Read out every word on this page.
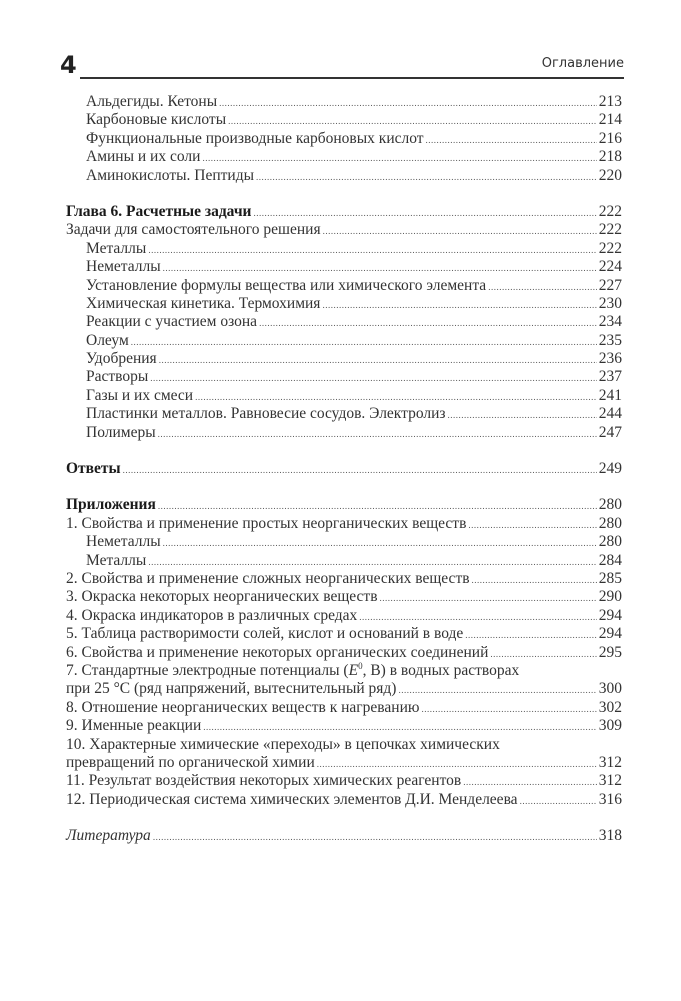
4	Оглавление
Альдегиды. Кетоны .....	213
Карбоновые кислоты .....	214
Функциональные производные карбоновых кислот .....	216
Амины и их соли .....	218
Аминокислоты. Пептиды .....	220
Глава 6. Расчетные задачи .....	222
Задачи для самостоятельного решения .....	222
Металлы .....	222
Неметаллы .....	224
Установление формулы вещества или химического элемента .....	227
Химическая кинетика. Термохимия .....	230
Реакции с участием озона .....	234
Олеум .....	235
Удобрения .....	236
Растворы .....	237
Газы и их смеси .....	241
Пластинки металлов. Равновесие сосудов. Электролиз .....	244
Полимеры .....	247
Ответы .....	249
Приложения .....	280
1. Свойства и применение простых неорганических веществ .....	280
Неметаллы .....	280
Металлы .....	284
2. Свойства и применение сложных неорганических веществ .....	285
3. Окраска некоторых неорганических веществ .....	290
4. Окраска индикаторов в различных средах .....	294
5. Таблица растворимости солей, кислот и оснований в воде .....	294
6. Свойства и применение некоторых органических соединений .....	295
7. Стандартные электродные потенциалы ($E^0$, В) в водных растворах
при 25 °С (ряд напряжений, вытеснительный ряд) .....	300
8. Отношение неорганических веществ к нагреванию .....	302
9. Именные реакции .....	309
10. Характерные химические «переходы» в цепочках химических
превращений по органической химии .....	312
11. Результат воздействия некоторых химических реагентов .....	312
12. Периодическая система химических элементов Д.И. Менделеева .....	316
Литература .....	318
